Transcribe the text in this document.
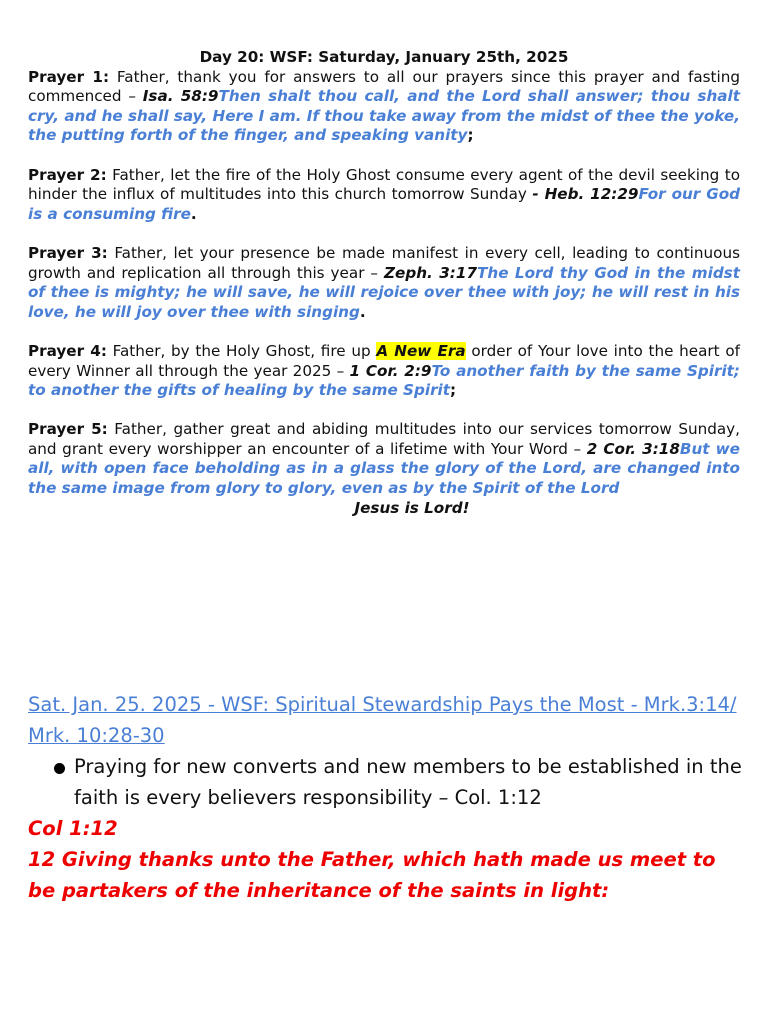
Day 20: WSF: Saturday, January 25th, 2025

Prayer 1: Father, thank you for answers to all our prayers since this prayer and fasting commenced – Isa. 58:9Then shalt thou call, and the Lord shall answer; thou shalt cry, and he shall say, Here I am. If thou take away from the midst of thee the yoke, the putting forth of the finger, and speaking vanity;

Prayer 2: Father, let the fire of the Holy Ghost consume every agent of the devil seeking to hinder the influx of multitudes into this church tomorrow Sunday - Heb. 12:29For our God is a consuming fire.

Prayer 3: Father, let your presence be made manifest in every cell, leading to continuous growth and replication all through this year – Zeph. 3:17The Lord thy God in the midst of thee is mighty; he will save, he will rejoice over thee with joy; he will rest in his love, he will joy over thee with singing.

Prayer 4: Father, by the Holy Ghost, fire up A New Era order of Your love into the heart of every Winner all through the year 2025 – 1 Cor. 2:9To another faith by the same Spirit; to another the gifts of healing by the same Spirit;

Prayer 5: Father, gather great and abiding multitudes into our services tomorrow Sunday, and grant every worshipper an encounter of a lifetime with Your Word – 2 Cor. 3:18But we all, with open face beholding as in a glass the glory of the Lord, are changed into the same image from glory to glory, even as by the Spirit of the Lord

Jesus is Lord!

Sat. Jan. 25. 2025 - WSF: Spiritual Stewardship Pays the Most - Mrk.3:14/ Mrk. 10:28-30

Praying for new converts and new members to be established in the faith is every believers responsibility – Col. 1:12

Col 1:12

12 Giving thanks unto the Father, which hath made us meet to be partakers of the inheritance of the saints in light:
